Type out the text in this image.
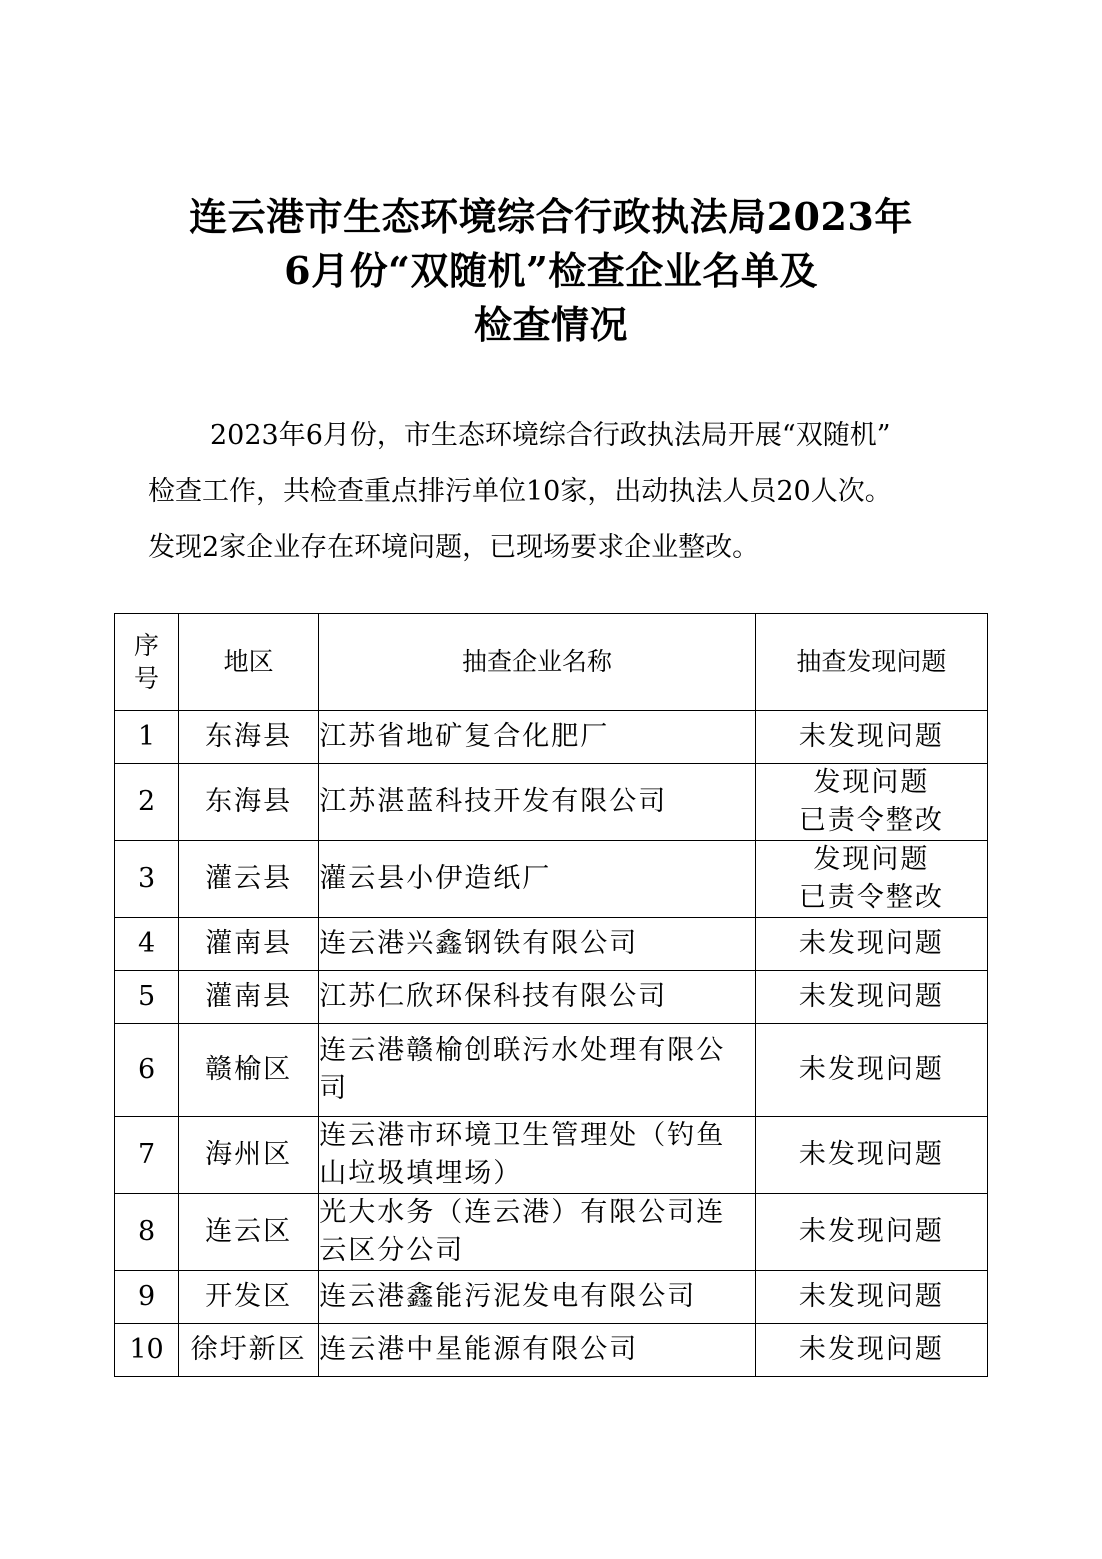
连云港市生态环境综合行政执法局2023年
6月份“双随机”检查企业名单及
检查情况
2023年6月份，市生态环境综合行政执法局开展“双随机”
检查工作，共检查重点排污单位10家，出动执法人员20人次。
发现2家企业存在环境问题，已现场要求企业整改。
序
号	地区	抽查企业名称	抽查发现问题
1	东海县	江苏省地矿复合化肥厂	未发现问题

2	东海县	江苏湛蓝科技开发有限公司	发现问题
已责令整改

3	灌云县	灌云县小伊造纸厂	发现问题
已责令整改

4	灌南县	连云港兴鑫钢铁有限公司	未发现问题

5	灌南县	江苏仁欣环保科技有限公司	未发现问题

6	赣榆区	连云港赣榆创联污水处理有限公
司	未发现问题

7	海州区	连云港市环境卫生管理处（钓鱼
山垃圾填埋场）	未发现问题

8	连云区	光大水务（连云港）有限公司连
云区分公司	未发现问题

9	开发区	连云港鑫能污泥发电有限公司	未发现问题

10	徐圩新区	连云港中星能源有限公司	未发现问题
